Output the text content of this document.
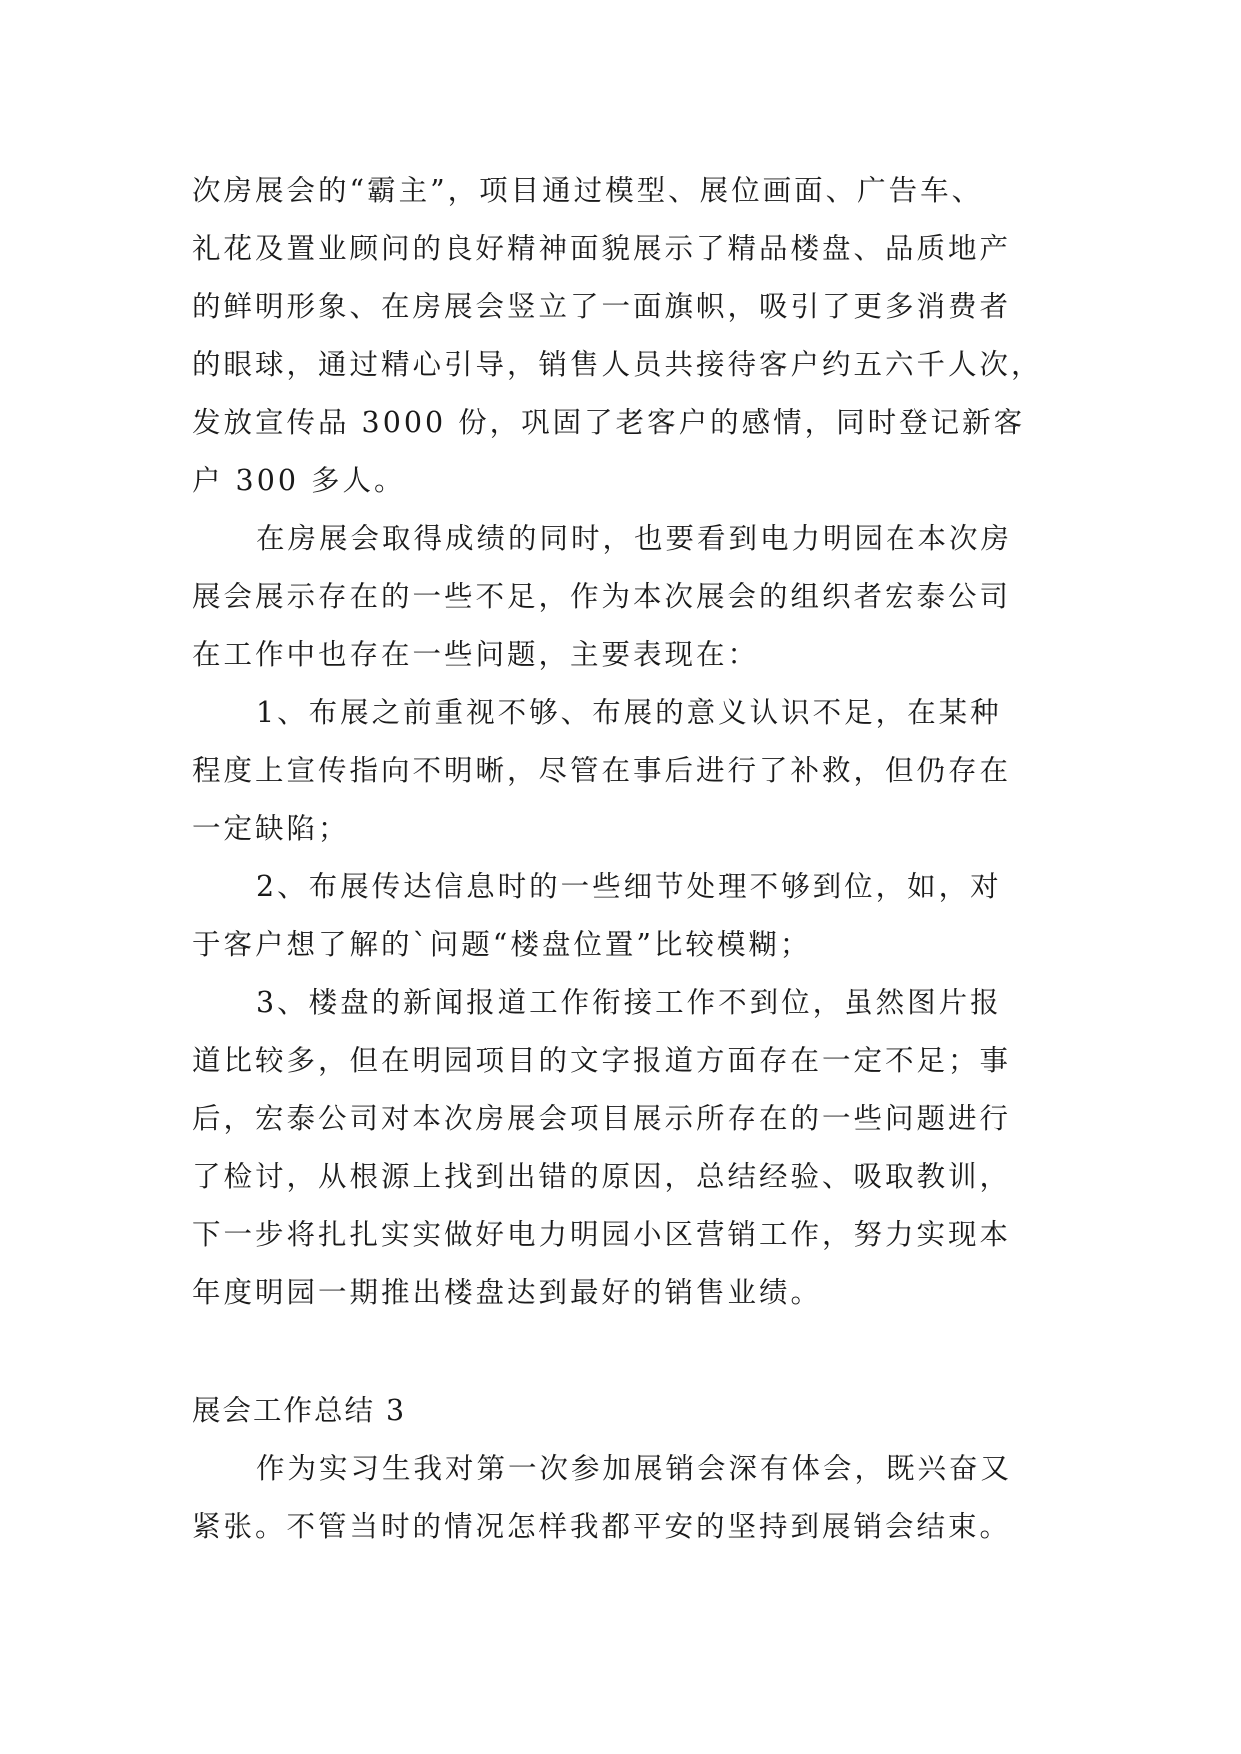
次房展会的“霸主”，项目通过模型、展位画面、广告车、
礼花及置业顾问的良好精神面貌展示了精品楼盘、品质地产
的鲜明形象、在房展会竖立了一面旗帜，吸引了更多消费者
的眼球，通过精心引导，销售人员共接待客户约五六千人次，
发放宣传品 3000 份，巩固了老客户的感情，同时登记新客
户 300 多人。

在房展会取得成绩的同时，也要看到电力明园在本次房
展会展示存在的一些不足，作为本次展会的组织者宏泰公司
在工作中也存在一些问题，主要表现在：

1、布展之前重视不够、布展的意义认识不足，在某种
程度上宣传指向不明晰，尽管在事后进行了补救，但仍存在
一定缺陷；

2、布展传达信息时的一些细节处理不够到位，如，对
于客户想了解的`问题“楼盘位置”比较模糊；

3、楼盘的新闻报道工作衔接工作不到位，虽然图片报
道比较多，但在明园项目的文字报道方面存在一定不足；事
后，宏泰公司对本次房展会项目展示所存在的一些问题进行
了检讨，从根源上找到出错的原因，总结经验、吸取教训，
下一步将扎扎实实做好电力明园小区营销工作，努力实现本
年度明园一期推出楼盘达到最好的销售业绩。

展会工作总结 3

作为实习生我对第一次参加展销会深有体会，既兴奋又
紧张。不管当时的情况怎样我都平安的坚持到展销会结束。
